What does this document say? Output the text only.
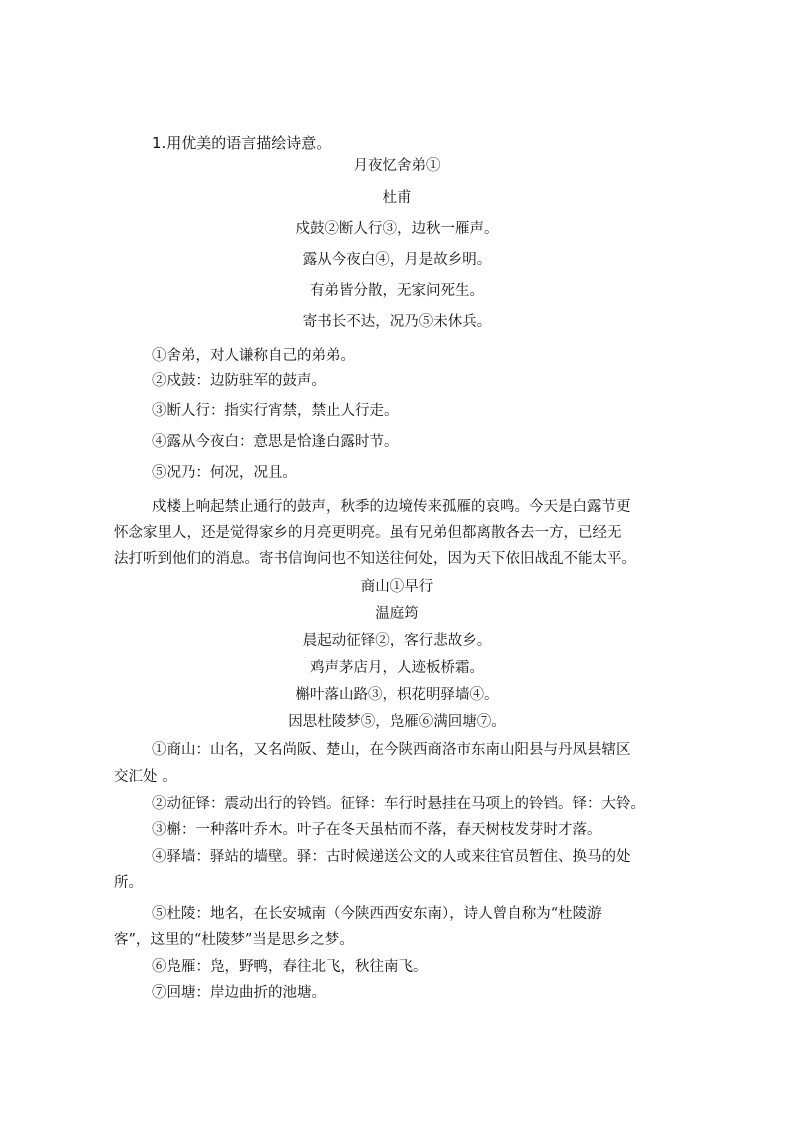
1.用优美的语言描绘诗意。
月夜忆舍弟①
杜甫
戍鼓②断人行③，边秋一雁声。
露从今夜白④，月是故乡明。
有弟皆分散，无家问死生。
寄书长不达，况乃⑤未休兵。
①舍弟，对人谦称自己的弟弟。
②戍鼓：边防驻军的鼓声。
③断人行：指实行宵禁，禁止人行走。
④露从今夜白：意思是恰逢白露时节。
⑤况乃：何况，况且。
戍楼上响起禁止通行的鼓声，秋季的边境传来孤雁的哀鸣。今天是白露节更
怀念家里人，还是觉得家乡的月亮更明亮。虽有兄弟但都离散各去一方，已经无
法打听到他们的消息。寄书信询问也不知送往何处，因为天下依旧战乱不能太平。
商山①早行
温庭筠
晨起动征铎②，客行悲故乡。
鸡声茅店月，人迹板桥霜。
槲叶落山路③，枳花明驿墙④。
因思杜陵梦⑤，凫雁⑥满回塘⑦。
①商山：山名，又名尚阪、楚山，在今陕西商洛市东南山阳县与丹凤县辖区
交汇处 。
②动征铎：震动出行的铃铛。征铎：车行时悬挂在马项上的铃铛。铎：大铃。
③槲：一种落叶乔木。叶子在冬天虽枯而不落，春天树枝发芽时才落。
④驿墙：驿站的墙壁。驿：古时候递送公文的人或来往官员暂住、换马的处
所。
⑤杜陵：地名，在长安城南（今陕西西安东南），诗人曾自称为“杜陵游
客”，这里的“杜陵梦”当是思乡之梦。
⑥凫雁：凫，野鸭，春往北飞，秋往南飞。
⑦回塘：岸边曲折的池塘。
